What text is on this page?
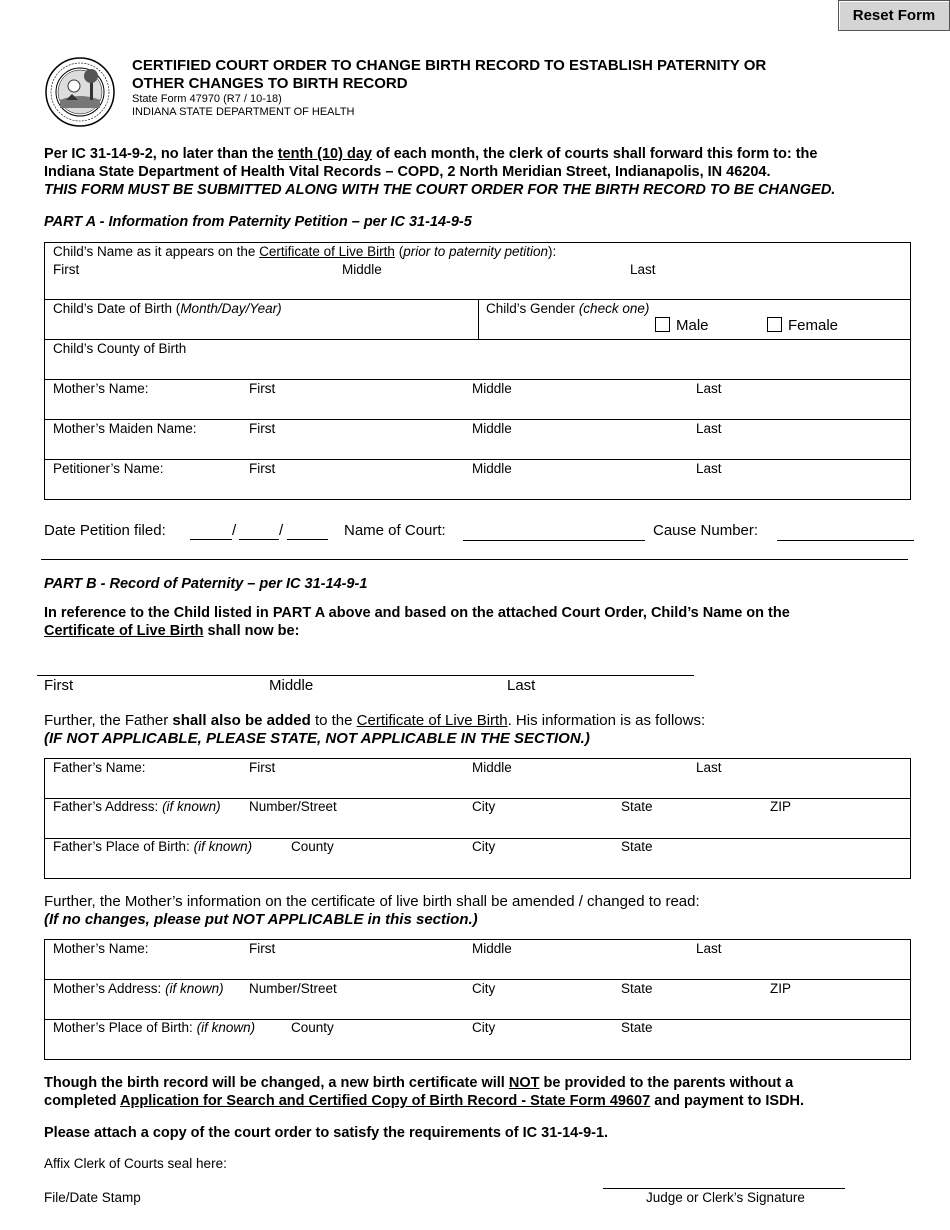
Reset Form
CERTIFIED COURT ORDER TO CHANGE BIRTH RECORD TO ESTABLISH PATERNITY OR
OTHER CHANGES TO BIRTH RECORD
State Form 47970 (R7 / 10-18)
INDIANA STATE DEPARTMENT OF HEALTH
Per IC 31-14-9-2, no later than the tenth (10) day of each month, the clerk of courts shall forward this form to: the
Indiana State Department of Health Vital Records – COPD, 2 North Meridian Street, Indianapolis, IN 46204.
THIS FORM MUST BE SUBMITTED ALONG WITH THE COURT ORDER FOR THE BIRTH RECORD TO BE CHANGED.
PART A - Information from Paternity Petition – per IC 31-14-9-5
Child’s Name as it appears on the Certificate of Live Birth (prior to paternity petition):
First	Middle	Last
Child’s Date of Birth (Month/Day/Year)	Child’s Gender (check one)
Male	Female
Child’s County of Birth
Mother’s Name:	First	Middle	Last
Mother’s Maiden Name:	First	Middle	Last
Petitioner’s Name:	First	Middle	Last
Date Petition filed:	/	/	Name of Court:	Cause Number:
PART B - Record of Paternity – per IC 31-14-9-1
In reference to the Child listed in PART A above and based on the attached Court Order, Child’s Name on the
Certificate of Live Birth shall now be:
First	Middle	Last
Further, the Father shall also be added to the Certificate of Live Birth. His information is as follows:
(IF NOT APPLICABLE, PLEASE STATE, NOT APPLICABLE IN THE SECTION.)
Father’s Name:	First	Middle	Last
Father’s Address: (if known) Number/Street	City	State	ZIP
Father’s Place of Birth: (if known)	County	City	State
Further, the Mother’s information on the certificate of live birth shall be amended / changed to read:
(If no changes, please put NOT APPLICABLE in this section.)
Mother’s Name:	First	Middle	Last
Mother’s Address: (if known) Number/Street	City	State	ZIP
Mother’s Place of Birth: (if known)	County	City	State
Though the birth record will be changed, a new birth certificate will NOT be provided to the parents without a
completed Application for Search and Certified Copy of Birth Record - State Form 49607 and payment to ISDH.
Please attach a copy of the court order to satisfy the requirements of IC 31-14-9-1.
Affix Clerk of Courts seal here:
File/Date Stamp	Judge or Clerk’s Signature
